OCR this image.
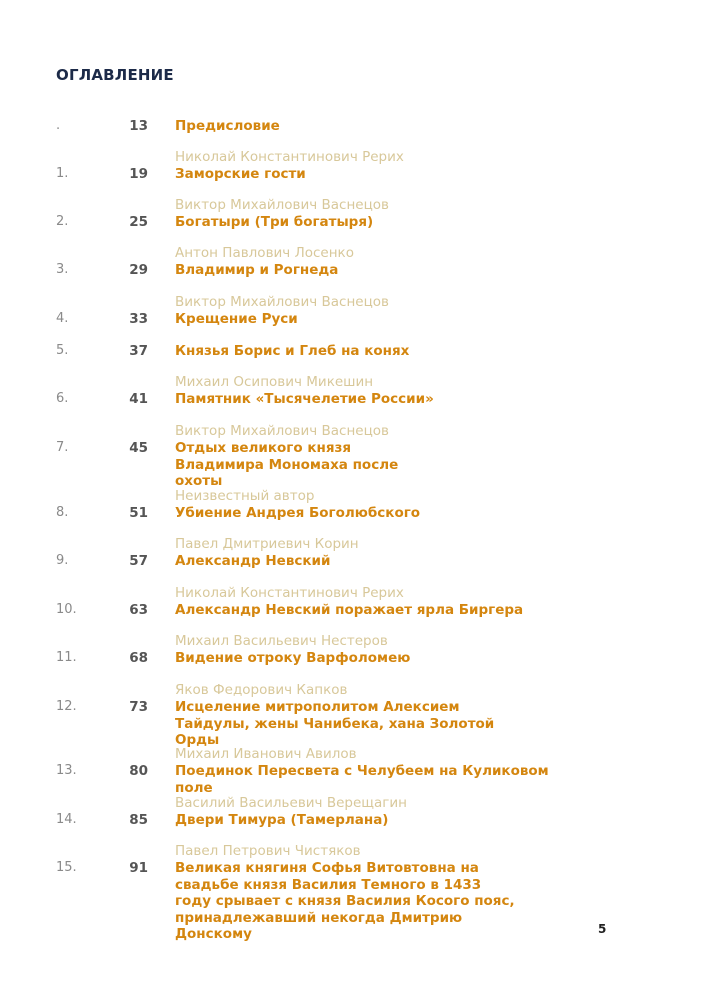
ОГЛАВЛЕНИЕ
.	13 Предисловие
Николай Константинович Рерих
1.	19 Заморские гости
Виктор Михайлович Васнецов
2.	25 Богатыри (Три богатыря)
Антон Павлович Лосенко
3.	29 Владимир и Рогнеда
Виктор Михайлович Васнецов
4.	33 Крещение Руси
5.	37 Князья Борис и Глеб на конях
Михаил Осипович Микешин
6.	41 Памятник «Тысячелетие России»
Виктор Михайлович Васнецов
7.	45 Отдых великого князя Владимира Мономаха после охоты
Неизвестный автор
8.	51 Убиение Андрея Боголюбского
Павел Дмитриевич Корин
9.	57 Александр Невский
Николай Константинович Рерих
10.	63 Александр Невский поражает ярла Биргера
Михаил Васильевич Нестеров
11.	68 Видение отроку Варфоломею
Яков Федорович Капков
12.	73 Исцеление митрополитом Алексием Тайдулы, жены Чанибека, хана Золотой Орды
Михаил Иванович Авилов
13.	80 Поединок Пересвета с Челубеем на Куликовом поле
Василий Васильевич Верещагин
14.	85 Двери Тимура (Тамерлана)
Павел Петрович Чистяков
15.	91 Великая княгиня Софья Витовтовна на свадьбе князя Василия Темного в 1433 году срывает с князя Василия Косого пояс, принадлежавший некогда Дмитрию Донскому	5
